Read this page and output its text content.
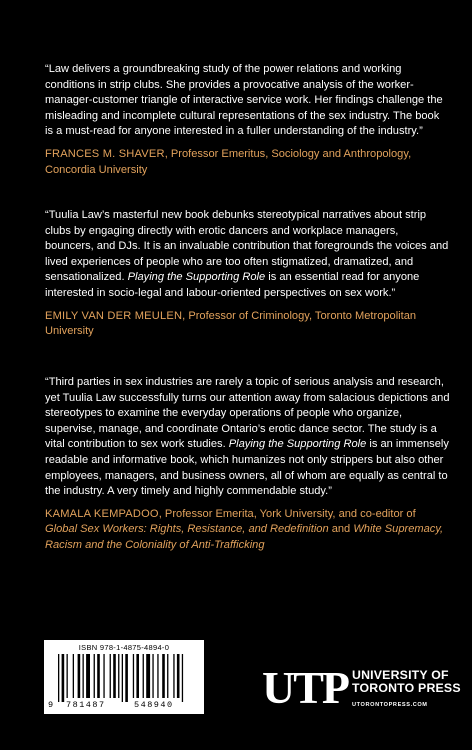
“Law delivers a groundbreaking study of the power relations and working conditions in strip clubs. She provides a provocative analysis of the worker-manager-customer triangle of interactive service work. Her findings challenge the misleading and incomplete cultural representations of the sex industry. The book is a must-read for anyone interested in a fuller understanding of the industry.”

FRANCES M. SHAVER, Professor Emeritus, Sociology and Anthropology, Concordia University

“Tuulia Law’s masterful new book debunks stereotypical narratives about strip clubs by engaging directly with erotic dancers and workplace managers, bouncers, and DJs. It is an invaluable contribution that foregrounds the voices and lived experiences of people who are too often stigmatized, dramatized, and sensationalized. Playing the Supporting Role is an essential read for anyone interested in socio-legal and labour-oriented perspectives on sex work.”

EMILY VAN DER MEULEN, Professor of Criminology, Toronto Metropolitan University

“Third parties in sex industries are rarely a topic of serious analysis and research, yet Tuulia Law successfully turns our attention away from salacious depictions and stereotypes to examine the everyday operations of people who organize, supervise, manage, and coordinate Ontario’s erotic dance sector. The study is a vital contribution to sex work studies. Playing the Supporting Role is an immensely readable and informative book, which humanizes not only strippers but also other employees, managers, and business owners, all of whom are equally as central to the industry. A very timely and highly commendable study.”

KAMALA KEMPADOO, Professor Emerita, York University, and co-editor of Global Sex Workers: Rights, Resistance, and Redefinition and White Supremacy, Racism and the Coloniality of Anti-Trafficking

ISBN 978-1-4875-4894-0
9 781487	548940 UTP UNIVERSITY OF
TORONTO PRESS
UTORONTOPRESS.COM
